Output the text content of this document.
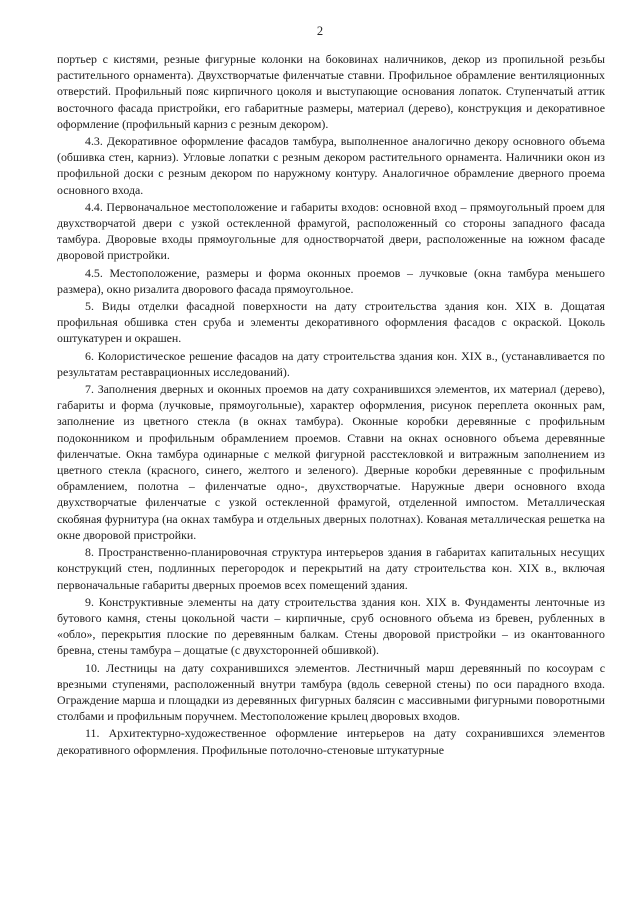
2

портьер с кистями, резные фигурные колонки на боковинах наличников, декор из пропильной резьбы растительного орнамента). Двухстворчатые филенчатые ставни. Профильное обрамление вентиляционных отверстий. Профильный пояс кирпичного цоколя и выступающие основания лопаток. Ступенчатый аттик восточного фасада пристройки, его габаритные размеры, материал (дерево), конструкция и декоративное оформление (профильный карниз с резным декором).

4.3. Декоративное оформление фасадов тамбура, выполненное аналогично декору основного объема (обшивка стен, карниз). Угловые лопатки с резным декором растительного орнамента. Наличники окон из профильной доски с резным декором по наружному контуру. Аналогичное обрамление дверного проема основного входа.

4.4. Первоначальное местоположение и габариты входов: основной вход – прямоугольный проем для двухстворчатой двери с узкой остекленной фрамугой, расположенный со стороны западного фасада тамбура. Дворовые входы прямоугольные для одностворчатой двери, расположенные на южном фасаде дворовой пристройки.

4.5. Местоположение, размеры и форма оконных проемов – лучковые (окна тамбура меньшего размера), окно ризалита дворового фасада прямоугольное.

5. Виды отделки фасадной поверхности на дату строительства здания кон. XIX в. Дощатая профильная обшивка стен сруба и элементы декоративного оформления фасадов с окраской. Цоколь оштукатурен и окрашен.

6. Колористическое решение фасадов на дату строительства здания кон. XIX в., (устанавливается по результатам реставрационных исследований).

7. Заполнения дверных и оконных проемов на дату сохранившихся элементов, их материал (дерево), габариты и форма (лучковые, прямоугольные), характер оформления, рисунок переплета оконных рам, заполнение из цветного стекла (в окнах тамбура). Оконные коробки деревянные с профильным подоконником и профильным обрамлением проемов. Ставни на окнах основного объема деревянные филенчатые. Окна тамбура одинарные с мелкой фигурной расстекловкой и витражным заполнением из цветного стекла (красного, синего, желтого и зеленого). Дверные коробки деревянные с профильным обрамлением, полотна – филенчатые одно-, двухстворчатые. Наружные двери основного входа двухстворчатые филенчатые с узкой остекленной фрамугой, отделенной импостом. Металлическая скобяная фурнитура (на окнах тамбура и отдельных дверных полотнах). Кованая металлическая решетка на окне дворовой пристройки.

8. Пространственно-планировочная структура интерьеров здания в габаритах капитальных несущих конструкций стен, подлинных перегородок и перекрытий на дату строительства кон. XIX в., включая первоначальные габариты дверных проемов всех помещений здания.

9. Конструктивные элементы на дату строительства здания кон. XIX в. Фундаменты ленточные из бутового камня, стены цокольной части – кирпичные, сруб основного объема из бревен, рубленных в «обло», перекрытия плоские по деревянным балкам. Стены дворовой пристройки – из окантованного бревна, стены тамбура – дощатые (с двухсторонней обшивкой).

10. Лестницы на дату сохранившихся элементов. Лестничный марш деревянный по косоурам с врезными ступенями, расположенный внутри тамбура (вдоль северной стены) по оси парадного входа. Ограждение марша и площадки из деревянных фигурных балясин с массивными фигурными поворотными столбами и профильным поручнем. Местоположение крылец дворовых входов.

11. Архитектурно-художественное оформление интерьеров на дату сохранившихся элементов декоративного оформления. Профильные потолочно-стеновые штукатурные
